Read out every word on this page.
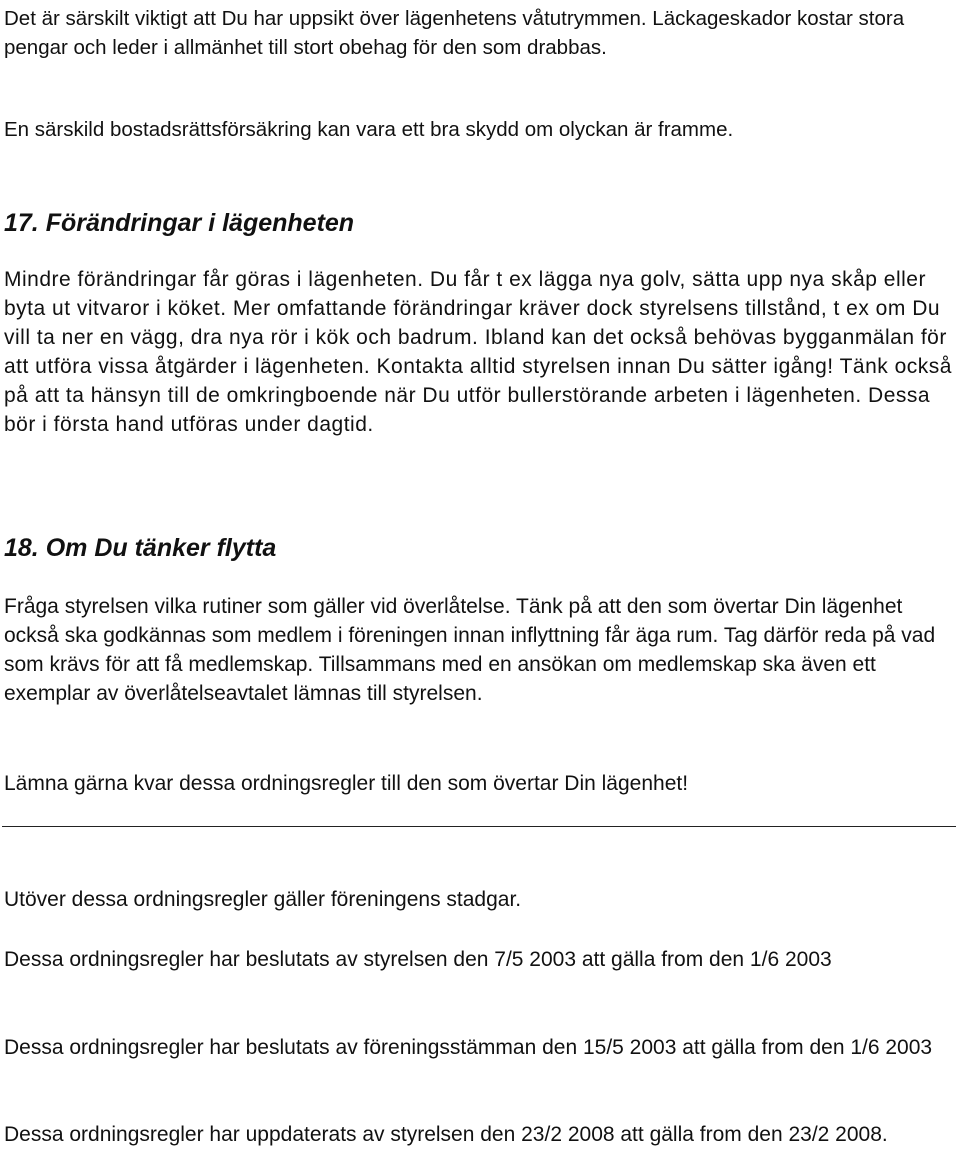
Det är särskilt viktigt att Du har uppsikt över lägenhetens våtutrymmen. Läckageskador kostar stora pengar och leder i allmänhet till stort obehag för den som drabbas.

En särskild bostadsrättsförsäkring kan vara ett bra skydd om olyckan är framme.

17. Förändringar i lägenheten

Mindre förändringar får göras i lägenheten. Du får t ex lägga nya golv, sätta upp nya skåp eller byta ut vitvaror i köket. Mer omfattande förändringar kräver dock styrelsens tillstånd, t ex om Du vill ta ner en vägg, dra nya rör i kök och badrum. Ibland kan det också behövas bygganmälan för att utföra vissa åtgärder i lägenheten. Kontakta alltid styrelsen innan Du sätter igång! Tänk också på att ta hänsyn till de omkringboende när Du utför bullerstörande arbeten i lägenheten. Dessa bör i första hand utföras under dagtid.

18. Om Du tänker flytta

Fråga styrelsen vilka rutiner som gäller vid överlåtelse. Tänk på att den som övertar Din lägenhet också ska godkännas som medlem i föreningen innan inflyttning får äga rum. Tag därför reda på vad som krävs för att få medlemskap. Tillsammans med en ansökan om medlemskap ska även ett exemplar av överlåtelseavtalet lämnas till styrelsen.

Lämna gärna kvar dessa ordningsregler till den som övertar Din lägenhet!

Utöver dessa ordningsregler gäller föreningens stadgar.

Dessa ordningsregler har beslutats av styrelsen den 7/5 2003 att gälla from den 1/6 2003

Dessa ordningsregler har beslutats av föreningsstämman den 15/5 2003 att gälla from den 1/6 2003

Dessa ordningsregler har uppdaterats av styrelsen den 23/2 2008 att gälla from den 23/2 2008.
